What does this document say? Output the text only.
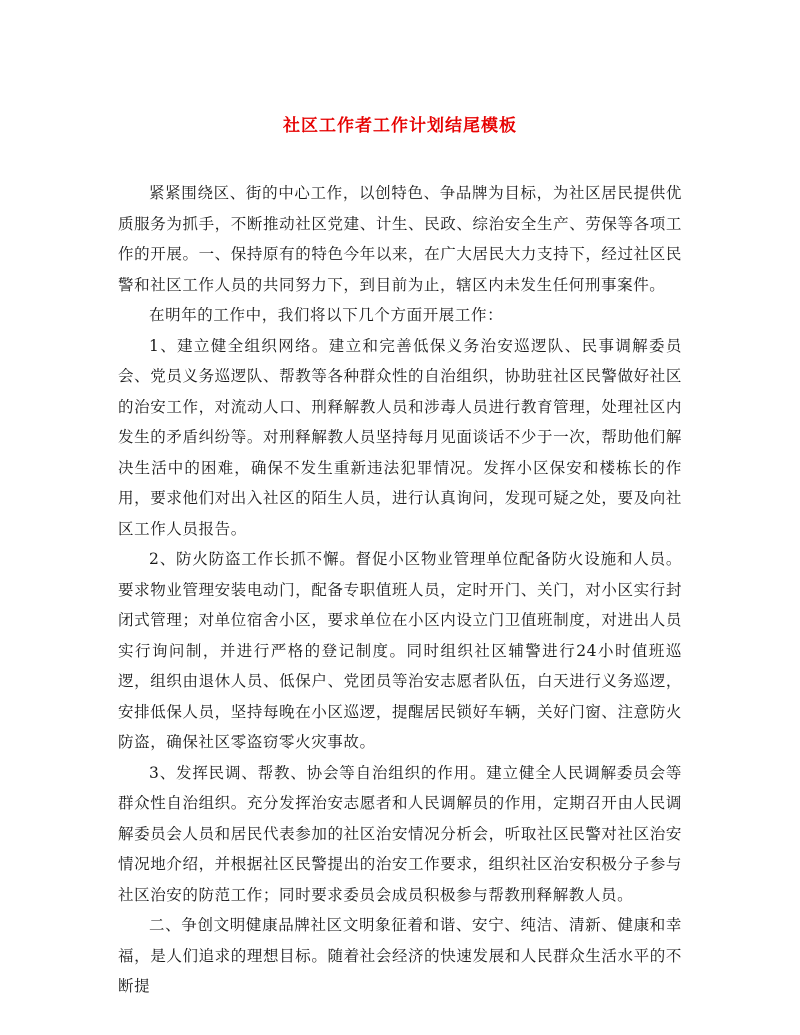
社区工作者工作计划结尾模板

紧紧围绕区、街的中心工作，以创特色、争品牌为目标，为社区居民提供优质服务为抓手，不断推动社区党建、计生、民政、综治安全生产、劳保等各项工作的开展。一、保持原有的特色今年以来，在广大居民大力支持下，经过社区民警和社区工作人员的共同努力下，到目前为止，辖区内未发生任何刑事案件。

在明年的工作中，我们将以下几个方面开展工作：

1、建立健全组织网络。建立和完善低保义务治安巡逻队、民事调解委员会、党员义务巡逻队、帮教等各种群众性的自治组织，协助驻社区民警做好社区的治安工作，对流动人口、刑释解教人员和涉毒人员进行教育管理，处理社区内发生的矛盾纠纷等。对刑释解教人员坚持每月见面谈话不少于一次，帮助他们解决生活中的困难，确保不发生重新违法犯罪情况。发挥小区保安和楼栋长的作用，要求他们对出入社区的陌生人员，进行认真询问，发现可疑之处，要及向社区工作人员报告。

2、防火防盗工作长抓不懈。督促小区物业管理单位配备防火设施和人员。要求物业管理安装电动门，配备专职值班人员，定时开门、关门，对小区实行封闭式管理；对单位宿舍小区，要求单位在小区内设立门卫值班制度，对进出人员实行询问制，并进行严格的登记制度。同时组织社区辅警进行24小时值班巡逻，组织由退休人员、低保户、党团员等治安志愿者队伍，白天进行义务巡逻，安排低保人员，坚持每晚在小区巡逻，提醒居民锁好车辆，关好门窗、注意防火防盗，确保社区零盗窃零火灾事故。

3、发挥民调、帮教、协会等自治组织的作用。建立健全人民调解委员会等群众性自治组织。充分发挥治安志愿者和人民调解员的作用，定期召开由人民调解委员会人员和居民代表参加的社区治安情况分析会，听取社区民警对社区治安情况地介绍，并根据社区民警提出的治安工作要求，组织社区治安积极分子参与社区治安的防范工作；同时要求委员会成员积极参与帮教刑释解教人员。

二、争创文明健康品牌社区文明象征着和谐、安宁、纯洁、清新、健康和幸福，是人们追求的理想目标。随着社会经济的快速发展和人民群众生活水平的不断提
